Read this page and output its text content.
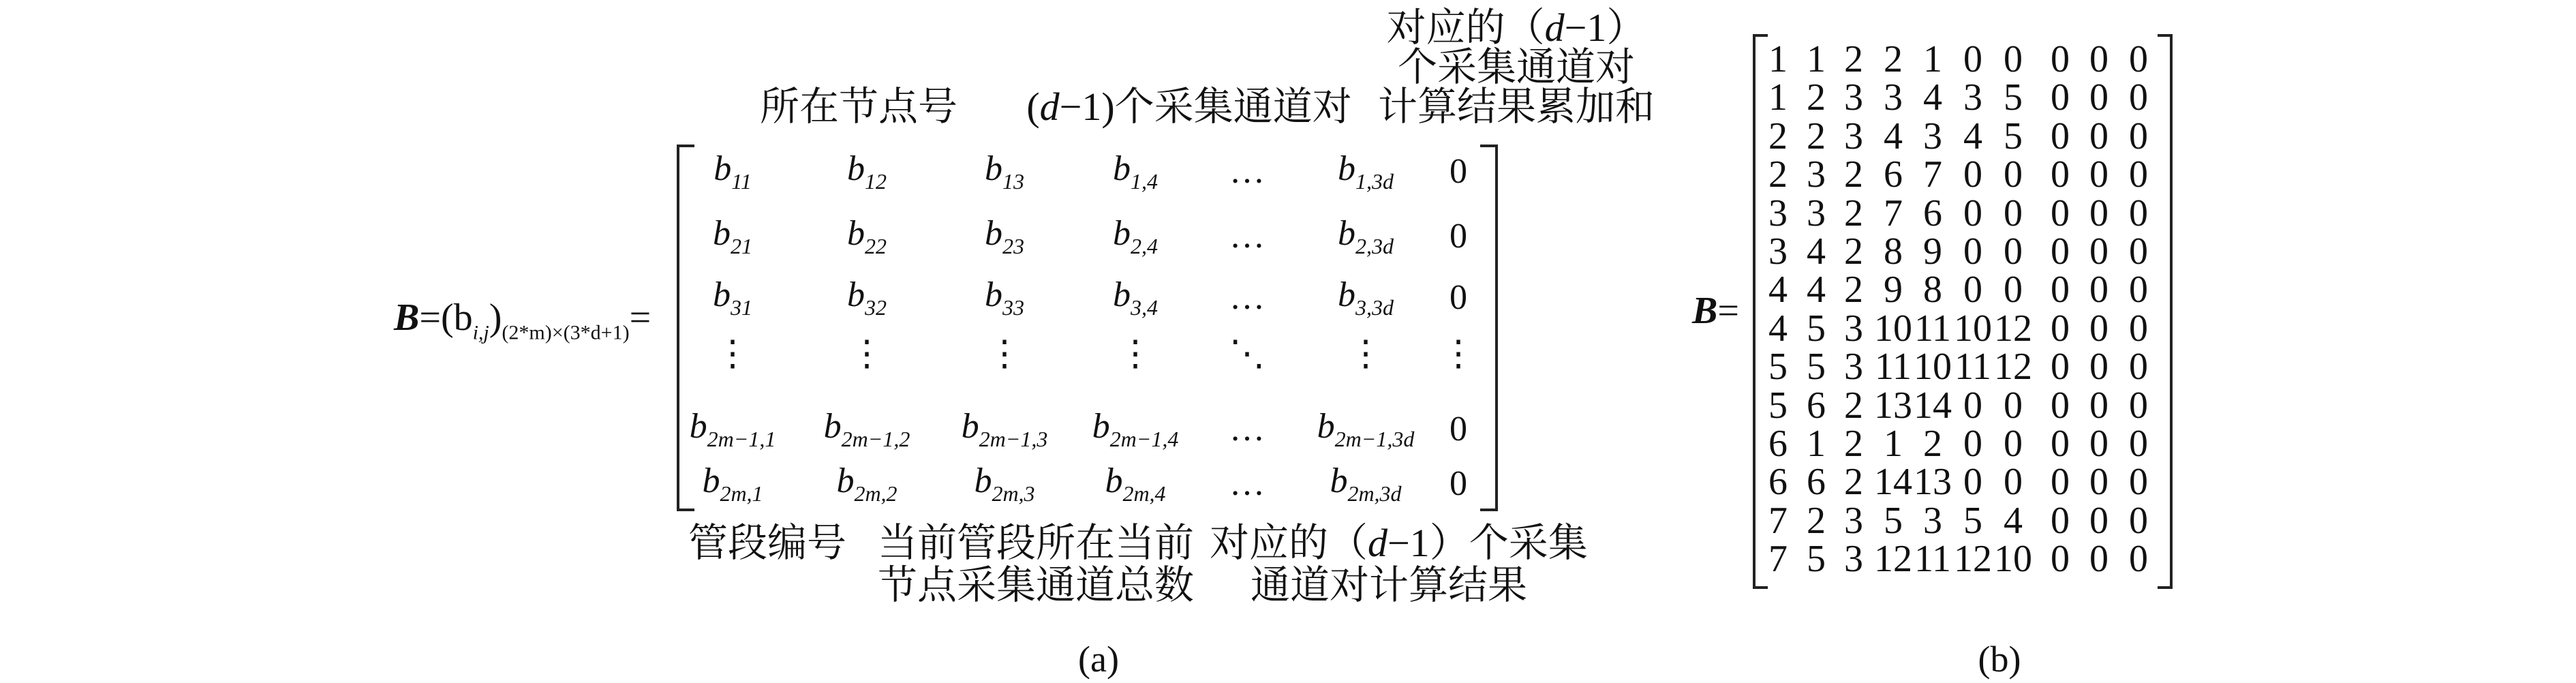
所在节点号 (d−1)个采集通道对
对应的（d−1）
个采集通道对
计算结果累加和
$B=(b_{i,j})_{(2*m)\times(3*d+1)}=$
$b_{11}$	$b_{12}$	$b_{13}$	$b_{1,4}$ … $b_{1,3d}$ 0
$b_{21}$	$b_{22}$	$b_{23}$	$b_{2,4}$ … $b_{2,3d}$ 0
$b_{31}$	$b_{32}$	$b_{33}$	$b_{3,4}$ … $b_{3,3d}$ 0
⋮	⋮	⋮	⋮ ⋱ ⋮ ⋮
$b_{2m-1,1}$ $b_{2m-1,2}$ $b_{2m-1,3}$ $b_{2m-1,4}$ … $b_{2m-1,3d}$ 0
$b_{2m,1}$ $b_{2m,2}$ $b_{2m,3}$ $b_{2m,4}$ … $b_{2m,3d}$ 0
管段编号 当前管段所在当前
节点采集通道总数
对应的（d−1）个采集
通道对计算结果
(a)
B=
1 1 2 2 1 0 0 0 0 0
1 2 3 3 4 3 5 0 0 0
2 2 3 4 3 4 5 0 0 0
2 3 2 6 7 0 0 0 0 0
3 3 2 7 6 0 0 0 0 0
3 4 2 8 9 0 0 0 0 0
4 4 2 9 8 0 0 0 0 0
4 5 3 10 11 10 12 0 0 0
5 5 3 11 10 11 12 0 0 0
5 6 2 13 14 0 0 0 0 0
6 1 2 1 2 0 0 0 0 0
6 6 2 14 13 0 0 0 0 0
7 2 3 5 3 5 4 0 0 0
7 5 3 12 11 12 10 0 0 0
(b)
